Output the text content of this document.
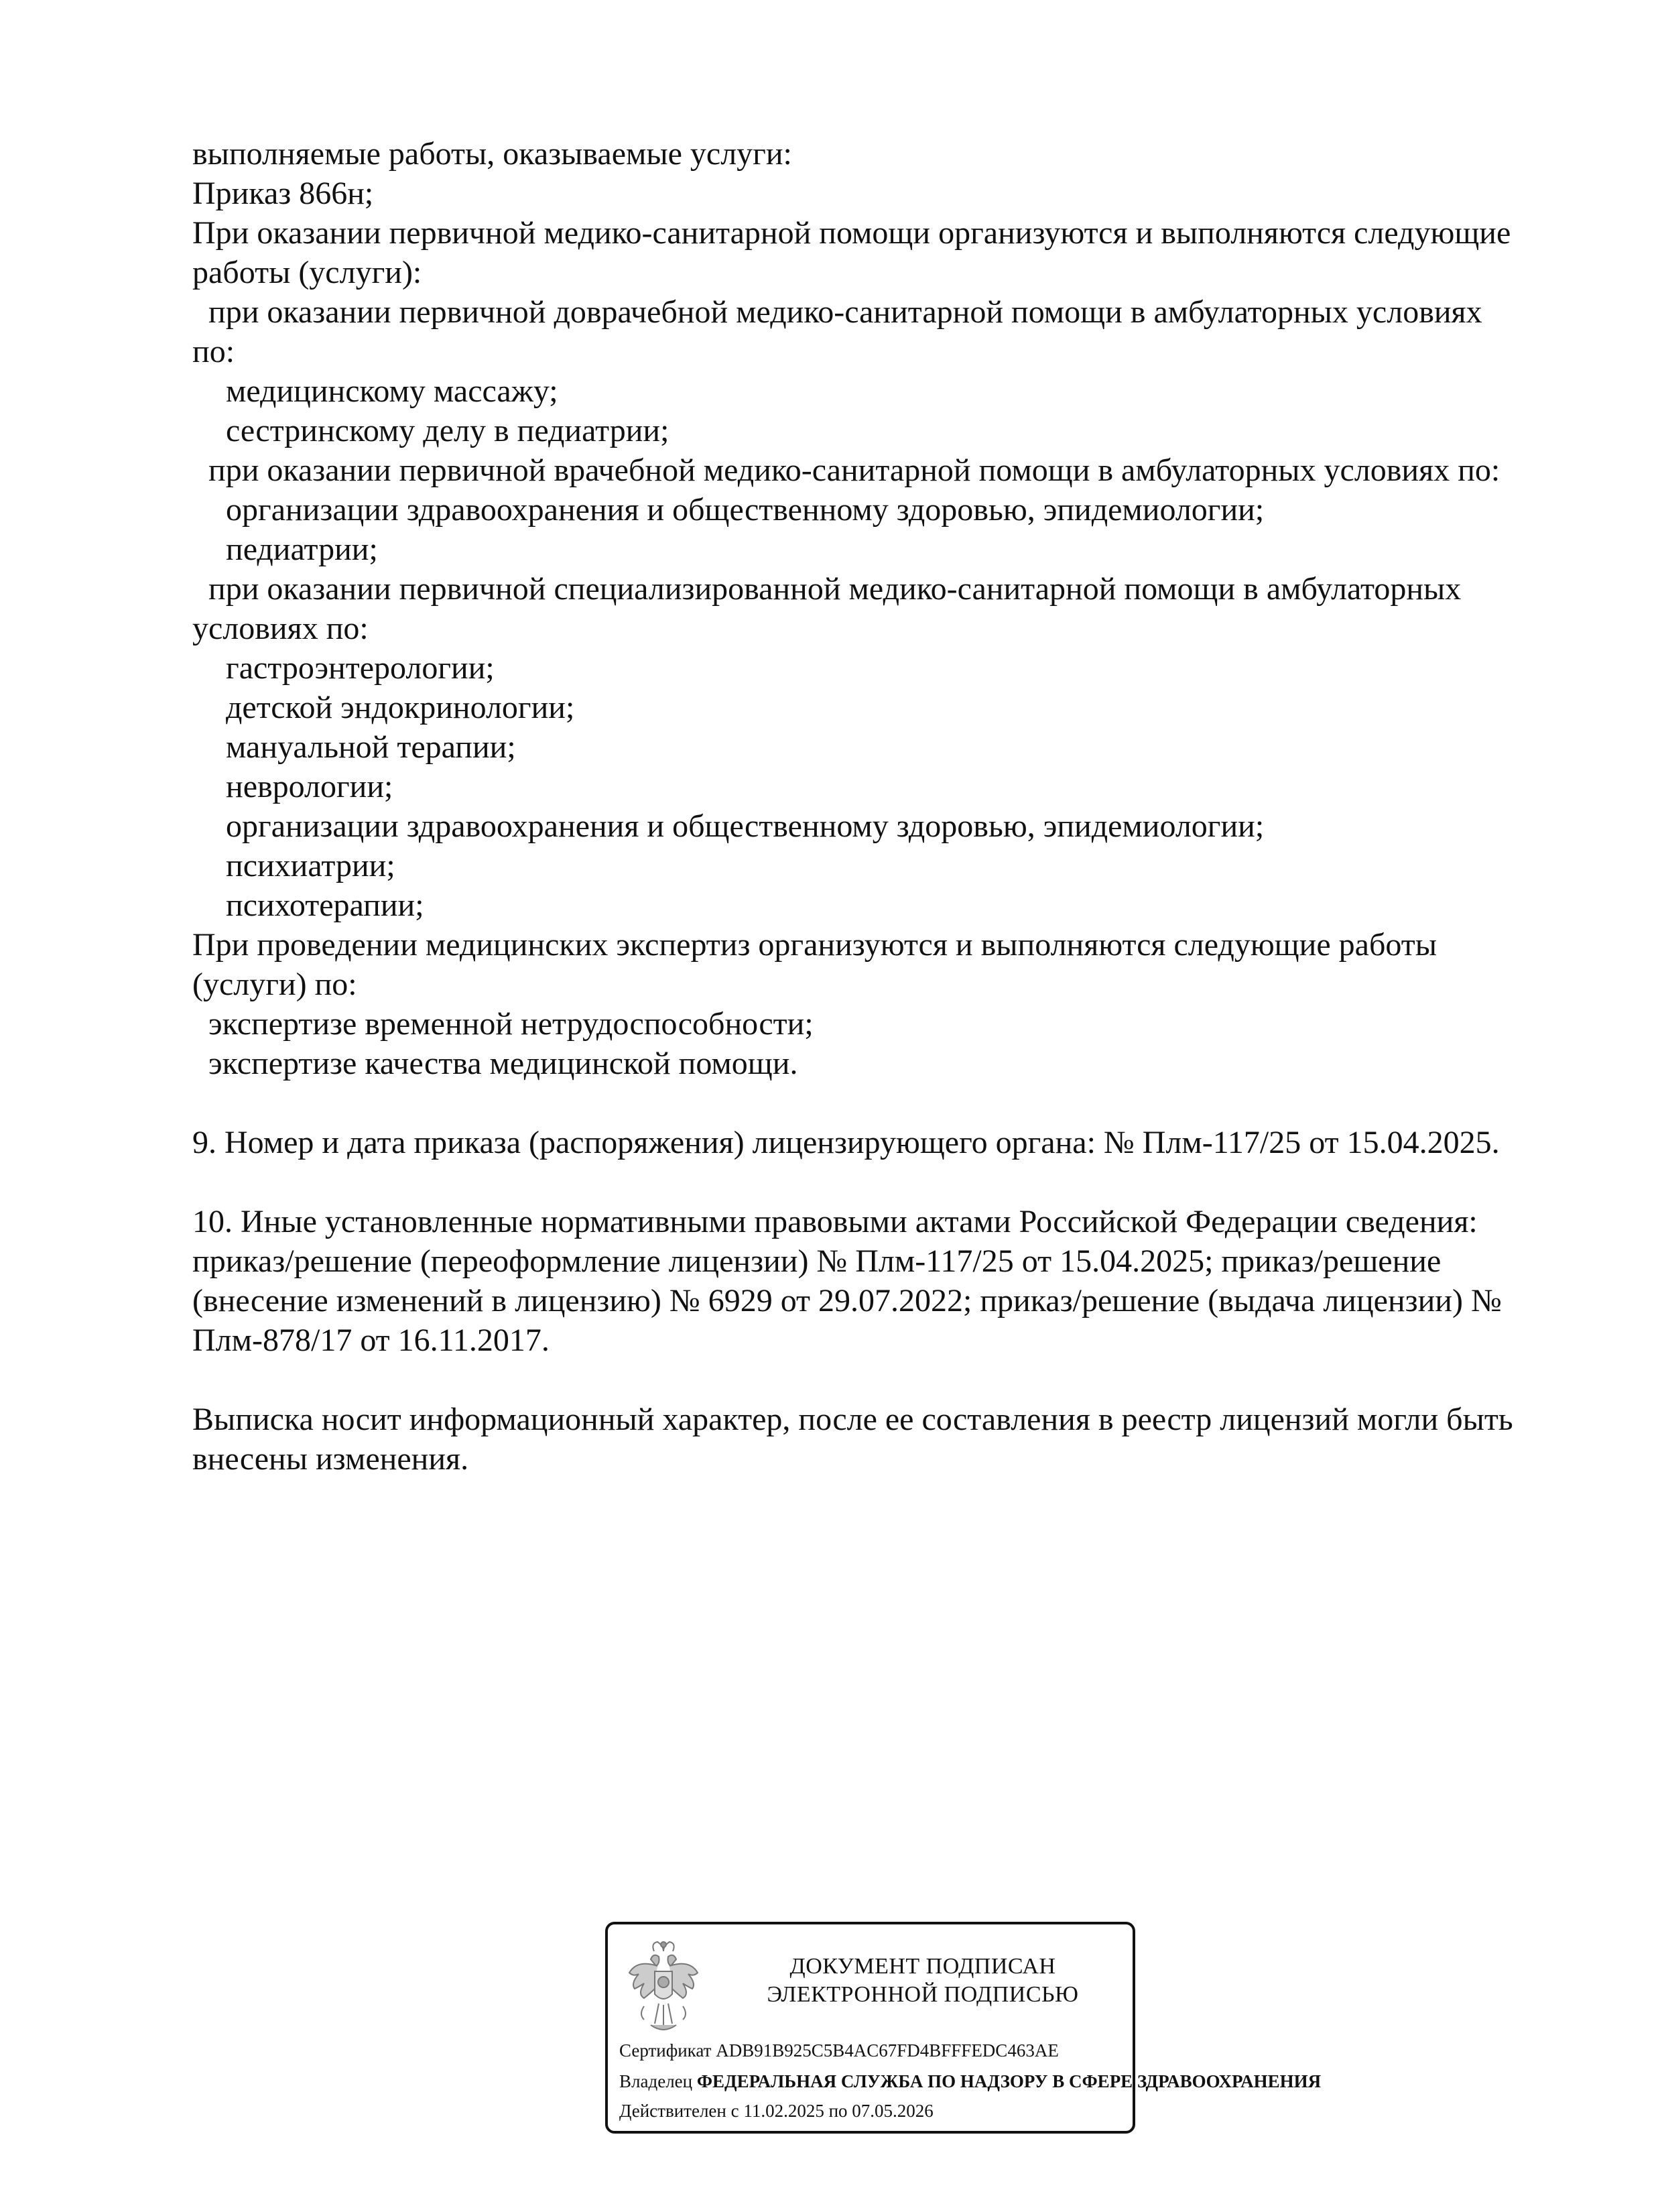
выполняемые работы, оказываемые услуги:

Приказ 866н;

При оказании первичной медико-санитарной помощи организуются и выполняются следующие

работы (услуги):

при оказании первичной доврачебной медико-санитарной помощи в амбулаторных условиях

по:

медицинскому массажу;

сестринскому делу в педиатрии;

при оказании первичной врачебной медико-санитарной помощи в амбулаторных условиях по:

организации здравоохранения и общественному здоровью, эпидемиологии;

педиатрии;

при оказании первичной специализированной медико-санитарной помощи в амбулаторных

условиях по:

гастроэнтерологии;

детской эндокринологии;

мануальной терапии;

неврологии;

организации здравоохранения и общественному здоровью, эпидемиологии;

психиатрии;

психотерапии;

При проведении медицинских экспертиз организуются и выполняются следующие работы

(услуги) по:

экспертизе временной нетрудоспособности;

экспертизе качества медицинской помощи.

9. Номер и дата приказа (распоряжения) лицензирующего органа: № Плм-117/25 от 15.04.2025.

10. Иные установленные нормативными правовыми актами Российской Федерации сведения:

приказ/решение (переоформление лицензии) № Плм-117/25 от 15.04.2025; приказ/решение

(внесение изменений в лицензию) № 6929 от 29.07.2022; приказ/решение (выдача лицензии) №

Плм-878/17 от 16.11.2017.

Выписка носит информационный характер, после ее составления в реестр лицензий могли быть

внесены изменения.

ДОКУМЕНТ ПОДПИСАН
ЭЛЕКТРОННОЙ ПОДПИСЬЮ
Сертификат ADB91B925C5B4AC67FD4BFFFEDC463AE
Владелец ФЕДЕРАЛЬНАЯ СЛУЖБА ПО НАДЗОРУ В СФЕРЕ ЗДРАВООХРАНЕНИЯ
Действителен с 11.02.2025 по 07.05.2026
